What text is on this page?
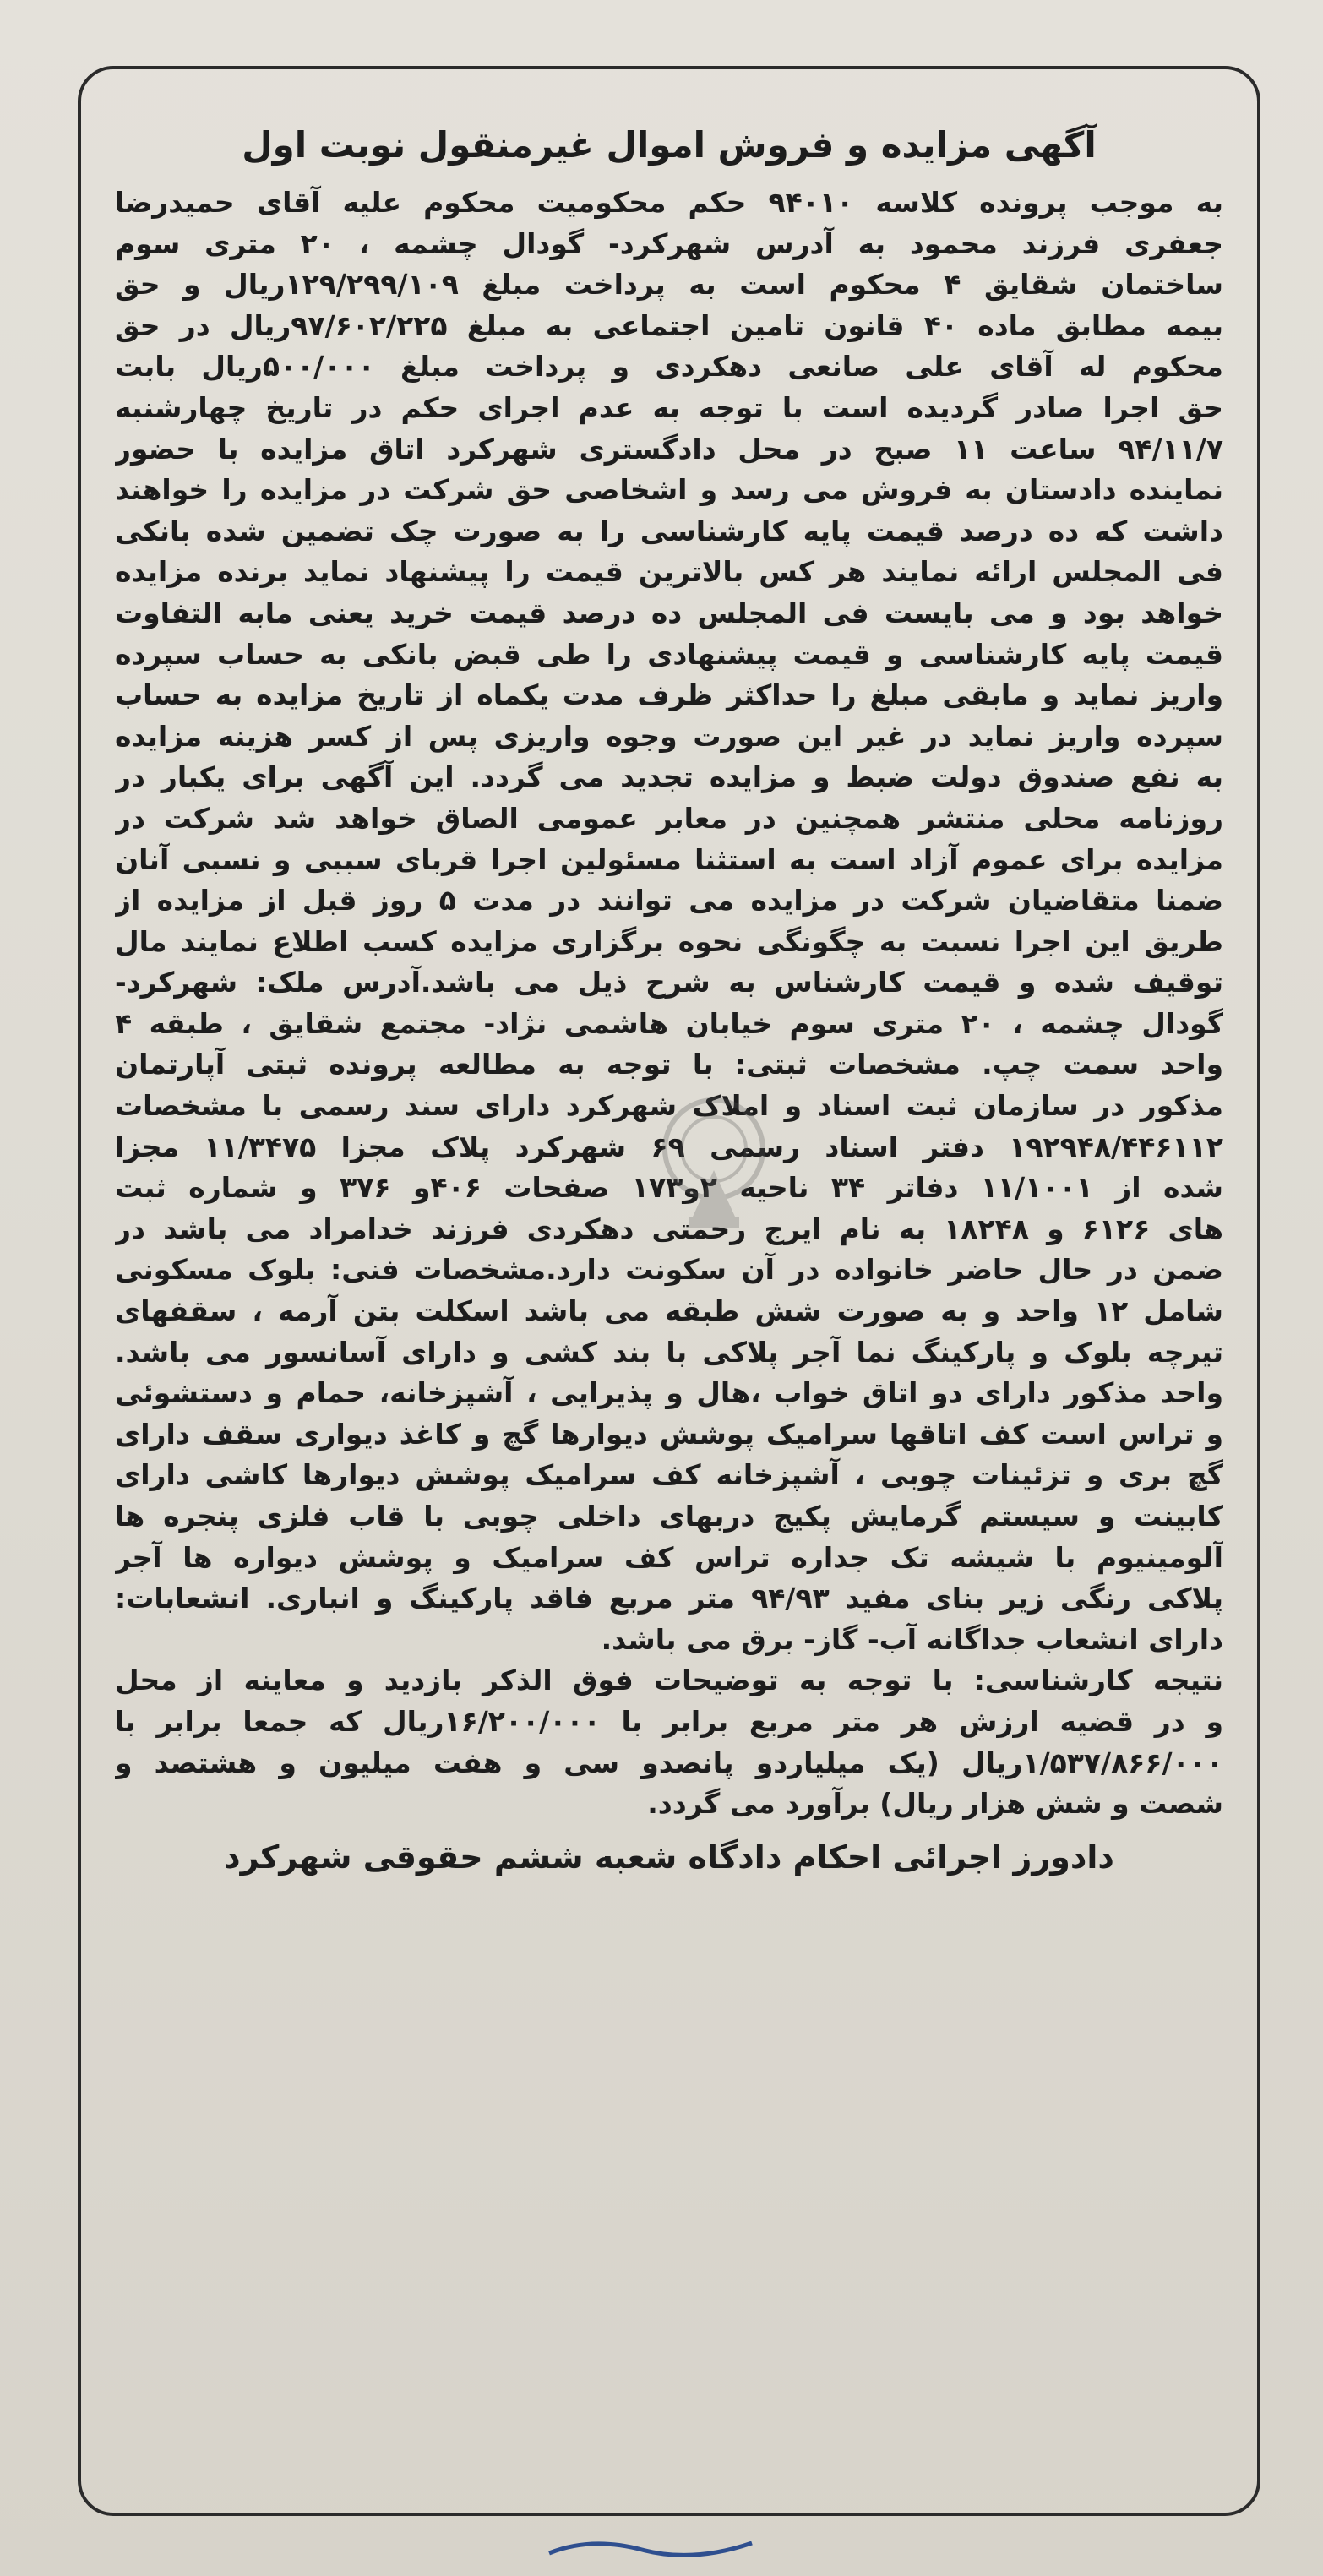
آگهی مزایده و فروش اموال غیرمنقول نوبت اول
به موجب پرونده کلاسه ۹۴۰۱۰ حکم محکومیت محکوم علیه آقای حمیدرضا
جعفری فرزند محمود به آدرس شهرکرد- گودال چشمه ، ۲۰ متری سوم
ساختمان شقایق ۴ محکوم است به پرداخت مبلغ ۱۲۹/۲۹۹/۱۰۹ریال و حق
بیمه مطابق ماده ۴۰ قانون تامین اجتماعی به مبلغ ۹۷/۶۰۲/۲۲۵ریال در حق
محکوم له آقای علی صانعی دهکردی و پرداخت مبلغ ۵۰۰/۰۰۰ریال بابت
حق اجرا صادر گردیده است با توجه به عدم اجرای حکم در تاریخ چهارشنبه
۹۴/۱۱/۷ ساعت ۱۱ صبح در محل دادگستری شهرکرد اتاق مزایده با حضور
نماینده دادستان به فروش می رسد و اشخاصی حق شرکت در مزایده را خواهند
داشت که ده درصد قیمت پایه کارشناسی را به صورت چک تضمین شده بانکی
فی المجلس ارائه نمایند هر کس بالاترین قیمت را پیشنهاد نماید برنده مزایده
خواهد بود و می بایست فی المجلس ده درصد قیمت خرید یعنی مابه التفاوت
قیمت پایه کارشناسی و قیمت پیشنهادی را طی قبض بانکی به حساب سپرده
واریز نماید و مابقی مبلغ را حداکثر ظرف مدت یکماه از تاریخ مزایده به حساب
سپرده واریز نماید در غیر این صورت وجوه واریزی پس از کسر هزینه مزایده
به نفع صندوق دولت ضبط و مزایده تجدید می گردد. این آگهی برای یکبار در
روزنامه محلی منتشر همچنین در معابر عمومی الصاق خواهد شد شرکت در
مزایده برای عموم آزاد است به استثنا مسئولین اجرا قربای سببی و نسبی آنان
ضمنا متقاضیان شرکت در مزایده می توانند در مدت ۵ روز قبل از مزایده از
طریق این اجرا نسبت به چگونگی نحوه برگزاری مزایده کسب اطلاع نمایند مال
توقیف شده و قیمت کارشناس به شرح ذیل می باشد.آدرس ملک: شهرکرد-
گودال چشمه ، ۲۰ متری سوم خیابان هاشمی نژاد- مجتمع شقایق ، طبقه ۴
واحد سمت چپ. مشخصات ثبتی: با توجه به مطالعه پرونده ثبتی آپارتمان
مذکور در سازمان ثبت اسناد و املاک شهرکرد دارای سند رسمی با مشخصات
۱۹۲۹۴۸/۴۴۶۱۱۲ دفتر اسناد رسمی ۶۹ شهرکرد پلاک مجزا ۱۱/۳۴۷۵ مجزا
شده از ۱۱/۱۰۰۱ دفاتر ۳۴ ناحیه ۲و۱۷۳ صفحات ۴۰۶و ۳۷۶ و شماره ثبت
های ۶۱۲۶ و ۱۸۲۴۸ به نام ایرج رحمتی دهکردی فرزند خدامراد می باشد در
ضمن در حال حاضر خانواده در آن سکونت دارد.مشخصات فنی: بلوک مسکونی
شامل ۱۲ واحد و به صورت شش طبقه می باشد اسکلت بتن آرمه ، سقفهای
تیرچه بلوک و پارکینگ نما آجر پلاکی با بند کشی و دارای آسانسور می باشد.
واحد مذکور دارای دو اتاق خواب ،هال و پذیرایی ، آشپزخانه، حمام و دستشوئی
و تراس است کف اتاقها سرامیک پوشش دیوارها گچ و کاغذ دیواری سقف دارای
گچ بری و تزئینات چوبی ، آشپزخانه کف سرامیک پوشش دیوارها کاشی دارای
کابینت و سیستم گرمایش پکیج دربهای داخلی چوبی با قاب فلزی پنجره ها
آلومینیوم با شیشه تک جداره تراس کف سرامیک و پوشش دیواره ها آجر
پلاکی رنگی زیر بنای مفید ۹۴/۹۳ متر مربع فاقد پارکینگ و انباری. انشعابات:
دارای انشعاب جداگانه آب- گاز- برق می باشد.
نتیجه کارشناسی: با توجه به توضیحات فوق الذکر بازدید و معاینه از محل
و در قضیه ارزش هر متر مربع برابر با ۱۶/۲۰۰/۰۰۰ریال که جمعا برابر با
۱/۵۳۷/۸۶۶/۰۰۰ریال (یک میلیاردو پانصدو سی و هفت میلیون و هشتصد و
شصت و شش هزار ریال) برآورد می گردد.
دادورز اجرائی احکام دادگاه شعبه ششم حقوقی شهرکرد
